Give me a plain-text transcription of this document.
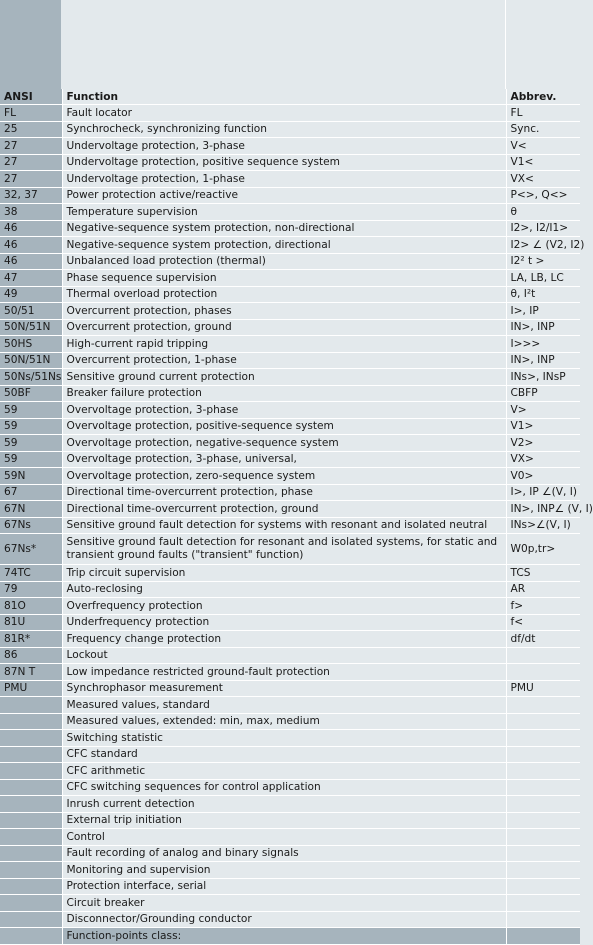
ANSI	Function	Abbrev.
FL	Fault locator	FL
25	Synchrocheck, synchronizing function	Sync.
27	Undervoltage protection, 3-phase	V<
27	Undervoltage protection, positive sequence system	V1<
27	Undervoltage protection, 1-phase	VX<
32, 37	Power protection active/reactive	P<>, Q<>
38	Temperature supervision	θ
46	Negative-sequence system protection, non-directional	I2>, I2/I1>
46	Negative-sequence system protection, directional	I2> ∠ (V2, I2)
46	Unbalanced load protection (thermal)	I2² t >
47	Phase sequence supervision	LA, LB, LC
49	Thermal overload protection	θ, I²t
50/51	Overcurrent protection, phases	I>, IP
50N/51N	Overcurrent protection, ground	IN>, INP
50HS	High-current rapid tripping	I>>>
50N/51N	Overcurrent protection, 1-phase	IN>, INP
50Ns/51Ns	Sensitive ground current protection	INs>, INsP
50BF	Breaker failure protection	CBFP
59	Overvoltage protection, 3-phase	V>
59	Overvoltage protection, positive-sequence system	V1>
59	Overvoltage protection, negative-sequence system	V2>
59	Overvoltage protection, 3-phase, universal,	VX>
59N	Overvoltage protection, zero-sequence system	V0>
67	Directional time-overcurrent protection, phase	I>, IP ∠(V, I)
67N	Directional time-overcurrent protection, ground	IN>, INP∠ (V, I)
67Ns	Sensitive ground fault detection for systems with resonant and isolated neutral	INs>∠(V, I)
67Ns*	Sensitive ground fault detection for resonant and isolated systems, for static and transient ground faults ("transient" function)	W0p,tr>
74TC	Trip circuit supervision	TCS
79	Auto-reclosing	AR
81O	Overfrequency protection	f>
81U	Underfrequency protection	f<
81R*	Frequency change protection	df/dt
86	Lockout	
87N T	Low impedance restricted ground-fault protection	
PMU	Synchrophasor measurement	PMU
	Measured values, standard	
	Measured values, extended: min, max, medium	
	Switching statistic	
	CFC standard	
	CFC arithmetic	
	CFC switching sequences for control application	
	Inrush current detection	
	External trip initiation	
	Control	
	Fault recording of analog and binary signals	
	Monitoring and supervision	
	Protection interface, serial	
	Circuit breaker	
	Disconnector/Grounding conductor	
	Function-points class:	
